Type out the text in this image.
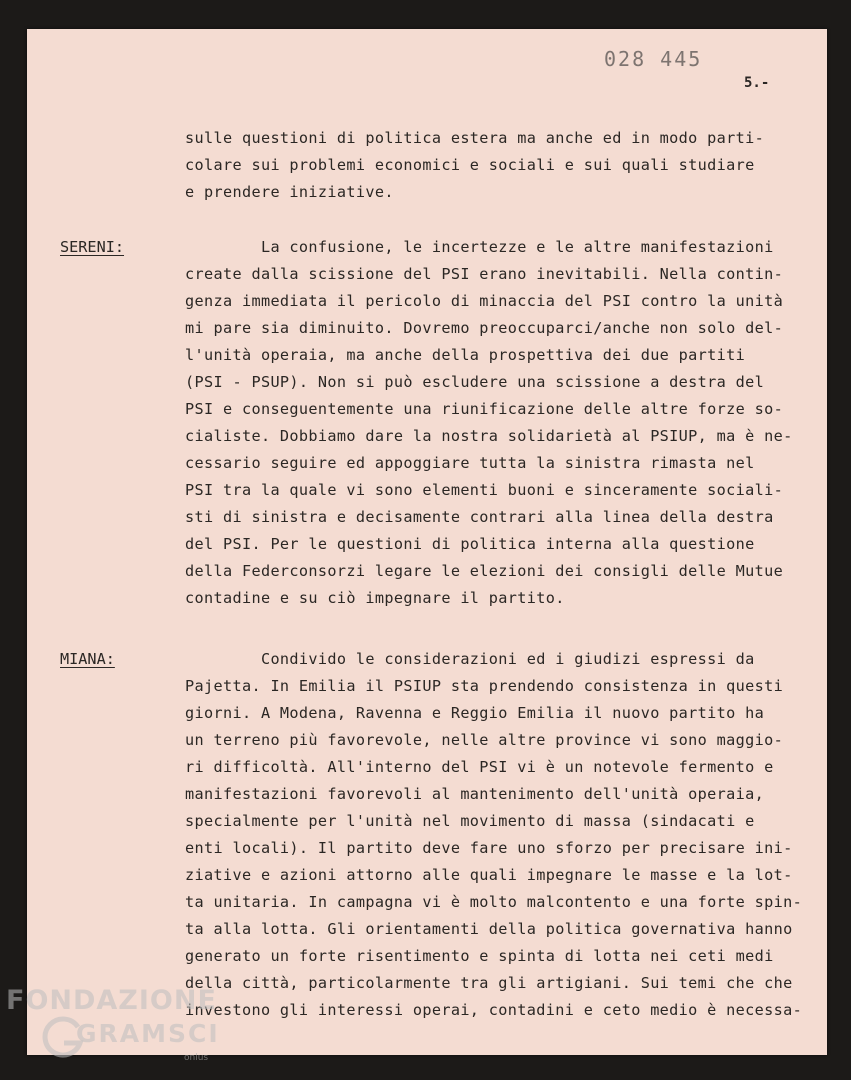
028 445
5.-
sulle questioni di politica estera ma anche ed in modo parti-
colare sui problemi economici e sociali e sui quali studiare
e prendere iniziative.
SERENI:	La confusione, le incertezze e le altre manifestazioni
create dalla scissione del PSI erano inevitabili. Nella contin-
genza immediata il pericolo di minaccia del PSI contro la unità
mi pare sia diminuito. Dovremo preoccuparci/anche non solo del-
l'unità operaia, ma anche della prospettiva dei due partiti
(PSI - PSUP). Non si può escludere una scissione a destra del
PSI e conseguentemente una riunificazione delle altre forze so-
cialiste. Dobbiamo dare la nostra solidarietà al PSIUP, ma è ne-
cessario seguire ed appoggiare tutta la sinistra rimasta nel
PSI tra la quale vi sono elementi buoni e sinceramente sociali-
sti di sinistra e decisamente contrari alla linea della destra
del PSI. Per le questioni di politica interna alla questione
della Federconsorzi legare le elezioni dei consigli delle Mutue
contadine e su ciò impegnare il partito.
MIANA:	Condivido le considerazioni ed i giudizi espressi da
Pajetta. In Emilia il PSIUP sta prendendo consistenza in questi
giorni. A Modena, Ravenna e Reggio Emilia il nuovo partito ha
un terreno più favorevole, nelle altre province vi sono maggio-
ri difficoltà. All'interno del PSI vi è un notevole fermento e
manifestazioni favorevoli al mantenimento dell'unità operaia,
specialmente per l'unità nel movimento di massa (sindacati e
enti locali). Il partito deve fare uno sforzo per precisare ini-
ziative e azioni attorno alle quali impegnare le masse e la lot-
ta unitaria. In campagna vi è molto malcontento e una forte spin-
ta alla lotta. Gli orientamenti della politica governativa hanno
generato un forte risentimento e spinta di lotta nei ceti medi
della città, particolarmente tra gli artigiani. Sui temi che che
investono gli interessi operai, contadini e ceto medio è necessa-
FONDAZIONE
GRAMSCI
onlus
